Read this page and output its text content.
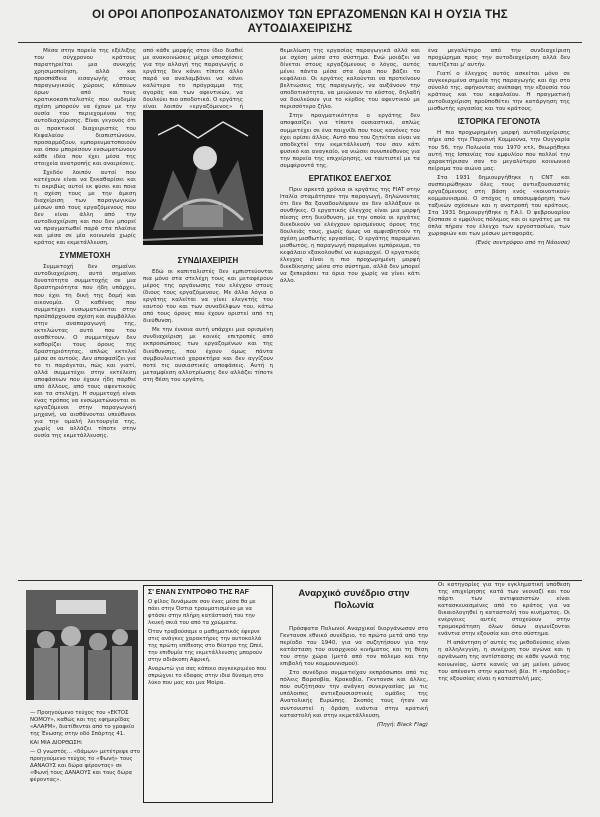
ΟΙ ΟΡΟΙ ΑΠΟΠΡΟΣΑΝΑΤΟΛΙΣΜΟΥ ΤΩΝ ΕΡΓΑΖΟΜΕΝΩΝ ΚΑΙ Η ΟΥΣΙΑ ΤΗΣ ΑΥΤΟΔΙΑΧΕΙΡΙΣΗΣ

Μέσα στην πορεία της εξέλιξης του σύγχρονου κράτους παρατηρείται μια συνεχής χρησιμοποίηση, αλλά και προσπάθεια εισαγωγής στους παραγωγικούς χώρους κάποιων όρων από τους κρατικοκαπιταλιστές που ουδεμία σχέση μπορούν να έχουν με την ουσία του περιεχομένου της αυτοδιαχείρισης. Είναι γεγονός ότι οι πρακτικοί διαχειριστές του Κεφαλαίου διαπιστώνουν, προσαρμόζουν, εμπορευματοποιούν και όπου μπορέσουν ενσωματώνουν κάθε ιδέα που έχει μέσα της στοιχεία ανατροπής και αναιρέσεις.

Σχεδόν λοιπόν αυτοί που κατέχουν είναι να ξεκαθαρίσει και τι ακριβώς αυτοί εκ φύσει και ποια η σχέση τους με την άμεση διαχείριση των παραγωγικών μέσων από τους εργαζόμενους που δεν είναι άλλη από την αυτοδιαχείριση και που δεν μπορεί να πραγματωθεί παρά στα πλαίσια και μέσα σε μία κοινωνία χωρίς κράτος και εκμετάλλευση.

ΣΥΜΜΕΤΟΧΗ

Συμμετοχή δεν σημαίνει αυτοδιαχείριση, αυτό σημαίνει δυνατότητα συμμετοχής σε μια δραστηριότητα που ήδη υπάρχει, που έχει τη δική της δομή και οικονομία. Ο καθένας που συμμετέχει ενσωματώνεται στην προϋπάρχουσα σχέση και συμβάλλει στην αναπαραγωγή της, εκτελώντας αυτό που του αναθέτουν. Ο συμμετέχων δεν καθορίζει τους όρους της δραστηριότητας, απλώς εκτελεί μέσα σε αυτούς. Δεν αποφασίζει για το τι παράγεται, πώς και γιατί, αλλά συμμετέχει στην εκτέλεση αποφάσεων που έχουν ήδη παρθεί από άλλους, από τους αφεντικούς και τα στελέχη. Η συμμετοχή είναι ένας τρόπος να ενσωματώνονται οι εργαζόμενοι στην παραγωγική μηχανή, να αισθάνονται υπεύθυνοι για την ομαλή λειτουργία της, χωρίς να αλλάζει τίποτε στην ουσία της εκμετάλλευσης.

από κάθε μορφής στον ίδιο διαθεί με ανακοινώσεις μέχρι υποσχέσεις για την αλλαγή της παραγωγής ο εργάτης δεν κάνει τίποτε άλλο παρά να αναλαμβάνει να κάνει καλύτερα το πρόγραμμα της αγοράς και των αφεντικών, να δουλεύει πιο αποδοτικά. Ο εργάτης είναι λοιπόν «εργαζόμενος» ή

ΣΥΝΔΙΑΧΕΙΡΙΣΗ

Εδώ οι καπιταλιστές δεν εμπιστεύονται πια μόνο στα στελέχη τους και μεταφέρουν μέρος της οργάνωσης του ελέγχου στους ίδιους τους εργαζόμενους. Με άλλα λόγια ο εργάτης καλείται να γίνει ελεγκτής του εαυτού του και των συναδέλφων του, κάτω από τους όρους που έχουν οριστεί από τη διεύθυνση.

Με την έννοια αυτή υπάρχει μια ορισμένη συνδιαχείριση με κοινές επιτροπές από εκπροσώπους των εργαζομένων και της διεύθυνσης, που έχουν όμως πάντα συμβουλευτικό χαρακτήρα και δεν αγγίζουν ποτέ τις ουσιαστικές αποφάσεις. Αυτή η μεταμφίεση αλλοτρίωσης δεν αλλάζει τίποτε στη θέση του εργάτη.

θεμελίωση της εργασίας παραγωγικά αλλά και με σχέση μέσα στο σύστημα. Ενώ μοιάζει να δίνεται στους εργαζόμενους ο λόγος, αυτός μένει πάντα μέσα στα όρια που βάζει το κεφάλαιο. Οι εργάτες καλούνται να προτείνουν βελτιώσεις της παραγωγής, να αυξάνουν την αποδοτικότητα, να μειώνουν το κόστος, δηλαδή να δουλεύουν για το κέρδος του αφεντικού με περισσότερο ζήλο.

Στην πραγματικότητα ο εργάτης δεν αποφασίζει για τίποτε ουσιαστικό, απλώς συμμετέχει σε ένα παιχνίδι που τους κανόνες του έχει ορίσει άλλος. Αυτό που του ζητείται είναι να αποδεχτεί την εκμετάλλευσή του σαν κάτι φυσικό και αναγκαίο, να νιώσει συνυπεύθυνος για την πορεία της επιχείρησης, να ταυτιστεί με τα συμφέροντά της.

ΕΡΓΑΤΙΚΟΣ ΕΛΕΓΧΟΣ

Πριν αρκετά χρόνια οι εργάτες της FIAT στην Ιταλία σταμάτησαν την παραγωγή, δηλώνοντας ότι δεν θα ξαναδουλέψουν αν δεν αλλάξουν οι συνθήκες. Ο εργατικός έλεγχος είναι μια μορφή πίεσης στη διεύθυνση, με την οποία οι εργάτες διεκδικούν να ελέγχουν ορισμένους όρους της δουλειάς τους, χωρίς όμως να αμφισβητούν τη σχέση μισθωτής εργασίας. Ο εργάτης παραμένει μισθωτός, η παραγωγή παραμένει εμπόρευμα, το κεφάλαιο εξακολουθεί να κυριαρχεί. Ο εργατικός έλεγχος είναι η πιο προχωρημένη μορφή διεκδίκησης μέσα στο σύστημα, αλλά δεν μπορεί να ξεπεράσει τα όρια του χωρίς να γίνει κάτι άλλο.

ένα μεγαλύτερο από την συνδιαχείριση προχώρημα προς την αυτοδιαχείριση αλλά δεν ταυτίζεται μ' αυτήν.

Γιατί ο έλεγχος αυτός ασκείται μόνο σε συγκεκριμένα σημεία της παραγωγής και όχι στο σύνολό της, αφήνοντας ανέπαφη την εξουσία του κράτους και του κεφαλαίου. Η πραγματική αυτοδιαχείριση προϋποθέτει την κατάργηση της μισθωτής εργασίας και του κράτους.

ΙΣΤΟΡΙΚΑ ΓΕΓΟΝΟΤΑ

Η πιο προχωρημένη μορφή αυτοδιαχείρισης πήρε από την Παρισινή Κομμούνα, την Ουγγαρία του 56, την Πολωνία του 1970 κτλ, θεωρήθηκε αυτή της Ισπανίας του εμφυλίου που πολλοί την χαρακτήρισαν σαν το μεγαλύτερο κοινωνικό πείραμα του αιώνα μας.

Στα 1931 δημιουργήθηκε η CNT και συσπειρώθηκαν όλες τους αντιεξουσιαστές εργαζόμενους στη βάση ενός «κοινοτικού» κομμουνισμού. Ο στόχος η αποσυμφόρηση των ταξικών σχέσεων και η ανατροπή του κράτους. Στα 1931 δημιουργήθηκε η F.A.I. Ο φεβρουαρίου ξέσπασε ο εμφύλιος πόλεμος και οι εργάτες με τα όπλα πήραν τον έλεγχο των εργοστασίων, των χωραφιών και των μέσων μεταφοράς.

(Ενός συντρόφου από τη Νάουσα)

— Προηγούμενο τεύχος του «ΕΚΤΟΣ ΝΟΜΟΥ», καθώς και της εφημερίδας «ΑΛΑΡΜ», διατίθενται από το γραφείο της Ένωσης στην οδό Σπάρτης 41.

ΚΑΙ ΜΙΑ ΔΙΟΡΘΩΣΗ:

— Ο γνωστός... «δάμων» μετέτρεψε στο προηγούμενο τεύχος το «Φωνή» τους ΔΑΝΑΟΥΣ και δώρα φέροντας» σε «Φωνή τους ΔΑΝΑΟΥΣ και τους δώρα φέροντας».

Σ' ΕΝΑΝ ΣΥΝΤΡΟΦΟ ΤΗΣ RAF

Ο φίλος δυνάμωσε σαν ένας μέσα θα με πάει στην Όστια τραυματισμένο με να φτάσει στην πλήρη κατάστασή του την λευκή σκιά του από τα χρώματα.

Όταν τραβούσαμε ο μαθηματικός έφερνε στις ανάγκες χαρακτήρες την αυτοκολλά της πρώτη επίθεσης στο θέατρο της Ωπιέ, την επιθυμία της εκμετάλλευσης μπορούν στην αδιάκοπη Αφρική.

Αναρωτώ για σας κάποιο συγκεκριμένο που σπρώχνει το έδαφος στην ιδια δύναμη στο λύκο που μας και μια Μοίρα.

Αναρχικό συνέδριο στην Πολωνία

Πρόσφατα Πολωνοί Αναρχικοί διοργάνωσαν στο Γκντανσκ εθνικό συνέδριο, το πρώτο μετά από την περίοδο του 1940, για να συζητήσουν για την κατάσταση του αναρχικού κινήματος και τη θέση του στην χώρα (μετά από τον πόλεμο και την επιβολή του κομμουνισμού).

Στο συνέδριο συμμετείχαν εκπρόσωποι από τις πόλεις Βαρσοβία, Κρακοβία, Γκντανσκ και άλλες, που συζήτησαν την ανάγκη συνεργασίας με τις υπόλοιπες αντιεξουσιαστικές ομάδες της Ανατολικής Ευρώπης. Σκοπός τους ήταν να συντονιστεί η δράση ενάντια στην κρατική καταστολή και στην εκμετάλλευση.

(Πηγή: Black Flag)

Οι κατηγορίες για την εγκληματική υπόθεση της επιχείρησης κατά των νεοναζί και του πάρτι των αντιφασιστών είναι κατασκευασμένες από το κράτος για να δικαιολογηθεί η καταστολή του κινήματος. Οι ενέργειες αυτές στοχεύουν στην τρομοκράτηση όλων όσων αγωνίζονται ενάντια στην εξουσία και στο σύστημα.

Η απάντηση σ' αυτές τις μεθοδεύσεις είναι η αλληλεγγύη, η συνέχιση του αγώνα και η οργάνωση της αντίστασης σε κάθε γωνιά της κοινωνίας, ώστε κανείς να μη μείνει μόνος του απέναντι στην κρατική βία. Η «πρόοδος» της εξουσίας είναι η καταστολή μας.
